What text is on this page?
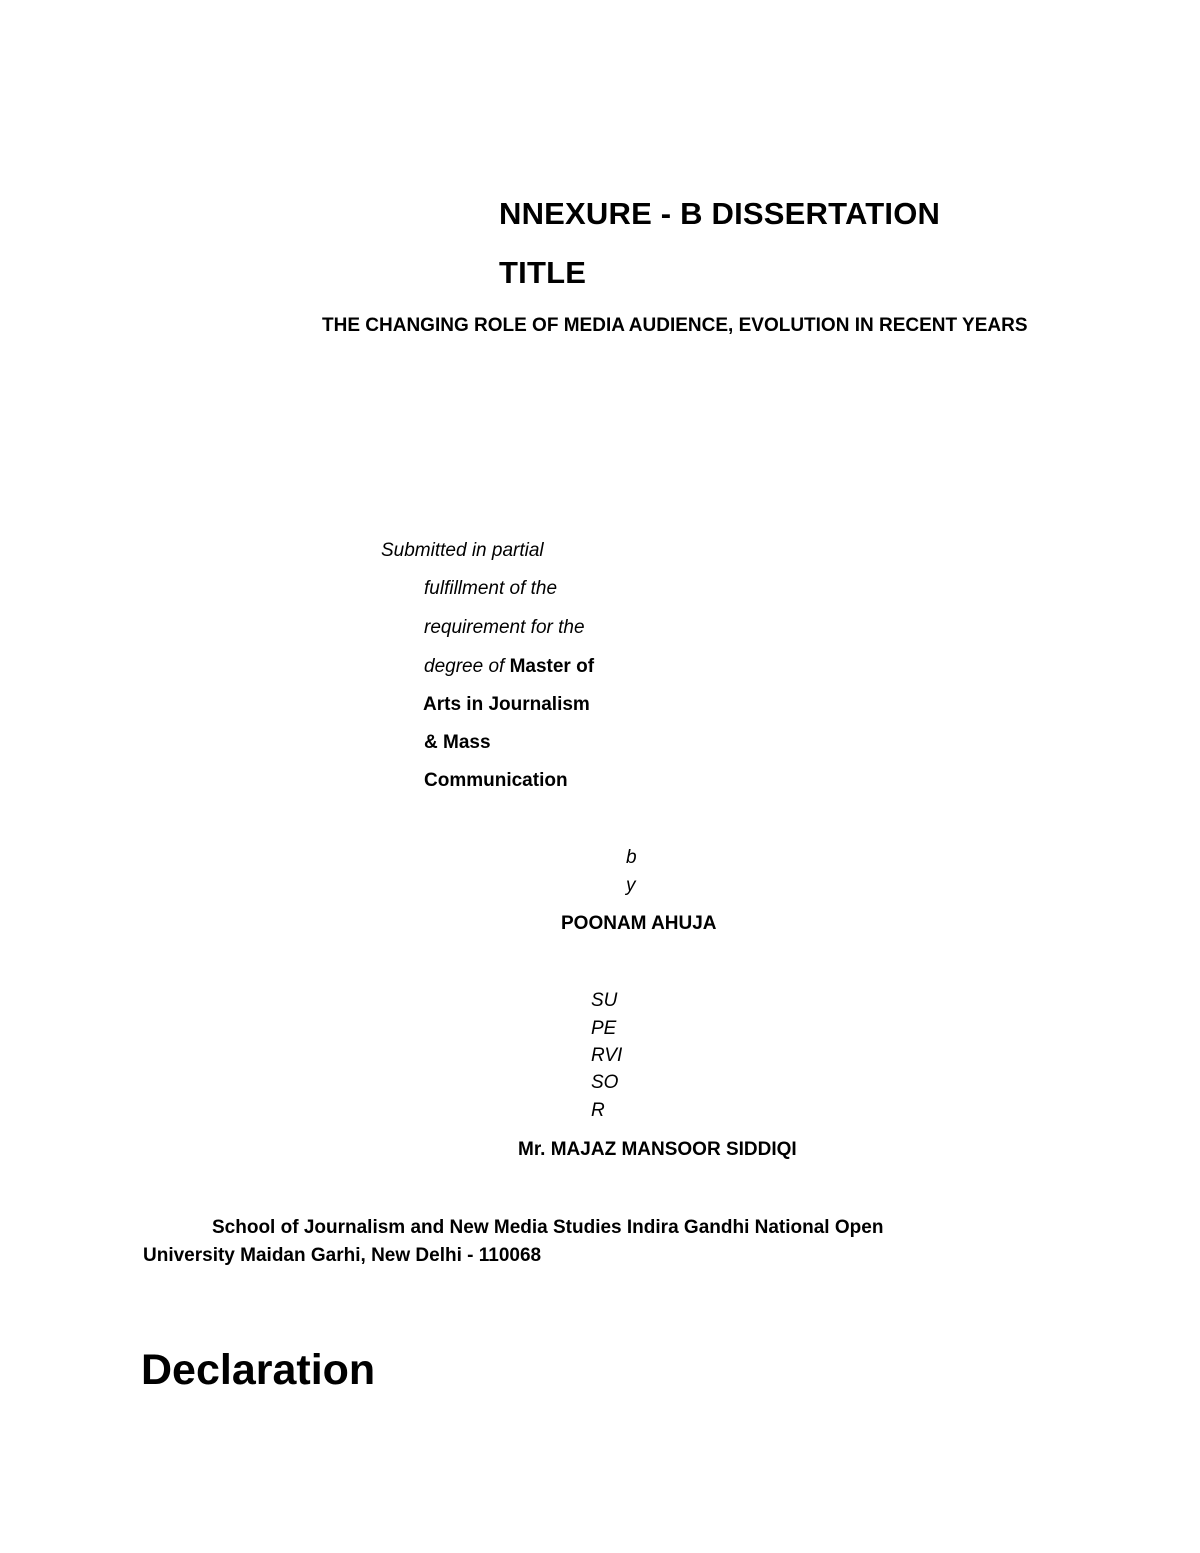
NNEXURE - B DISSERTATION
TITLE
THE CHANGING ROLE OF MEDIA AUDIENCE, EVOLUTION IN RECENT YEARS
Submitted in partial
fulfillment of the
requirement for the
degree of Master of
Arts in Journalism
& Mass
Communication
b
y
POONAM AHUJA
SU
PE
RVI
SO
R
Mr. MAJAZ MANSOOR SIDDIQI
School of Journalism and New Media Studies Indira Gandhi National Open
University Maidan Garhi, New Delhi - 110068
Declaration
